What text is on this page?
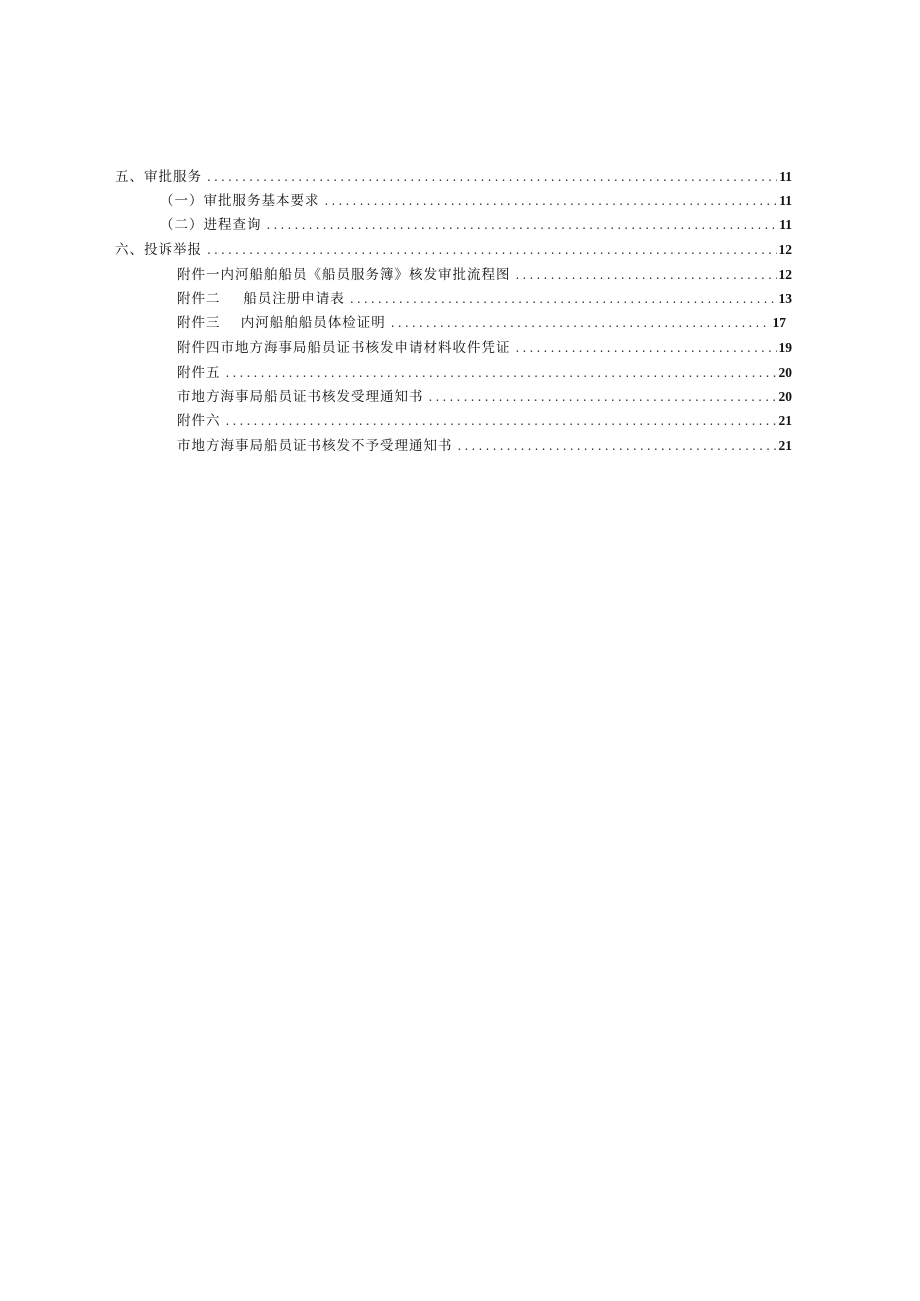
五、审批服务 .....	11
（一）审批服务基本要求 .....	11
（二）进程查询 .....	11
六、投诉举报 .....	12
附件一内河船舶船员《船员服务簿》核发审批流程图 .....	12
附件二 船员注册申请表 .....	13
附件三 内河船舶船员体检证明 .....	17
附件四市地方海事局船员证书核发申请材料收件凭证 .....	19
附件五 .....	20
市地方海事局船员证书核发受理通知书 .....	20
附件六 .....	21
市地方海事局船员证书核发不予受理通知书 .....	21
